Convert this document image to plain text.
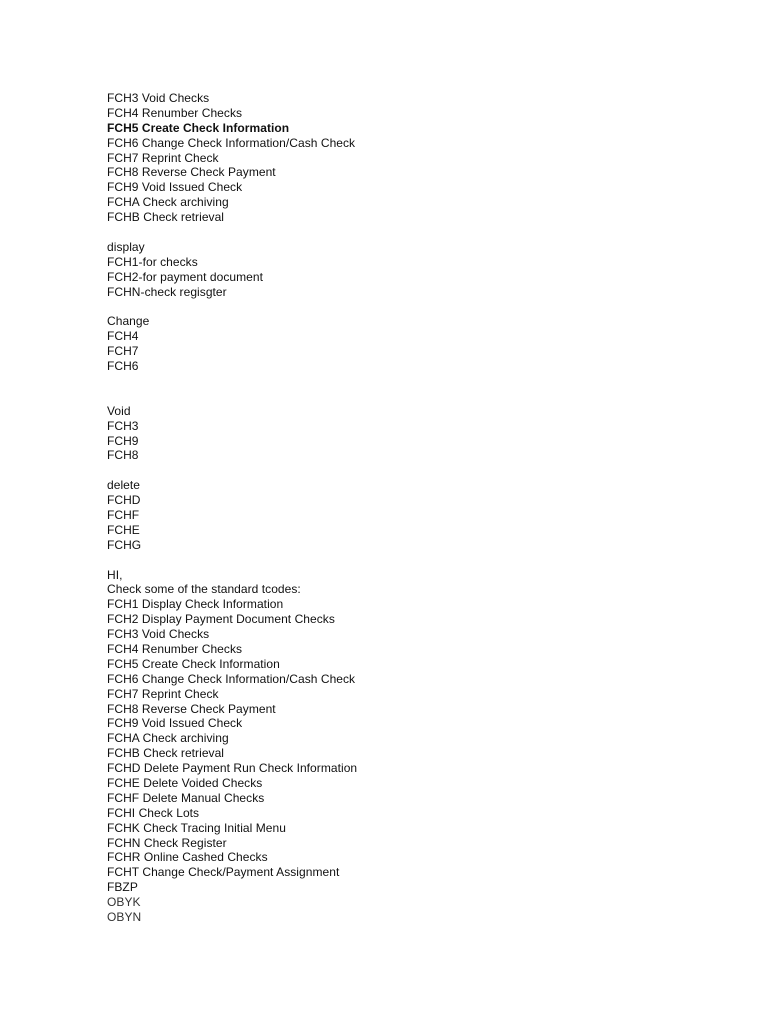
FCH3 Void Checks
FCH4 Renumber Checks
FCH5 Create Check Information
FCH6 Change Check Information/Cash Check
FCH7 Reprint Check
FCH8 Reverse Check Payment
FCH9 Void Issued Check
FCHA Check archiving
FCHB Check retrieval
display
FCH1-for checks
FCH2-for payment document
FCHN-check regisgter
Change
FCH4
FCH7
FCH6
Void
FCH3
FCH9
FCH8
delete
FCHD
FCHF
FCHE
FCHG
HI,
Check some of the standard tcodes:
FCH1 Display Check Information
FCH2 Display Payment Document Checks
FCH3 Void Checks
FCH4 Renumber Checks
FCH5 Create Check Information
FCH6 Change Check Information/Cash Check
FCH7 Reprint Check
FCH8 Reverse Check Payment
FCH9 Void Issued Check
FCHA Check archiving
FCHB Check retrieval
FCHD Delete Payment Run Check Information
FCHE Delete Voided Checks
FCHF Delete Manual Checks
FCHI Check Lots
FCHK Check Tracing Initial Menu
FCHN Check Register
FCHR Online Cashed Checks
FCHT Change Check/Payment Assignment
FBZP
OBYK
OBYN
